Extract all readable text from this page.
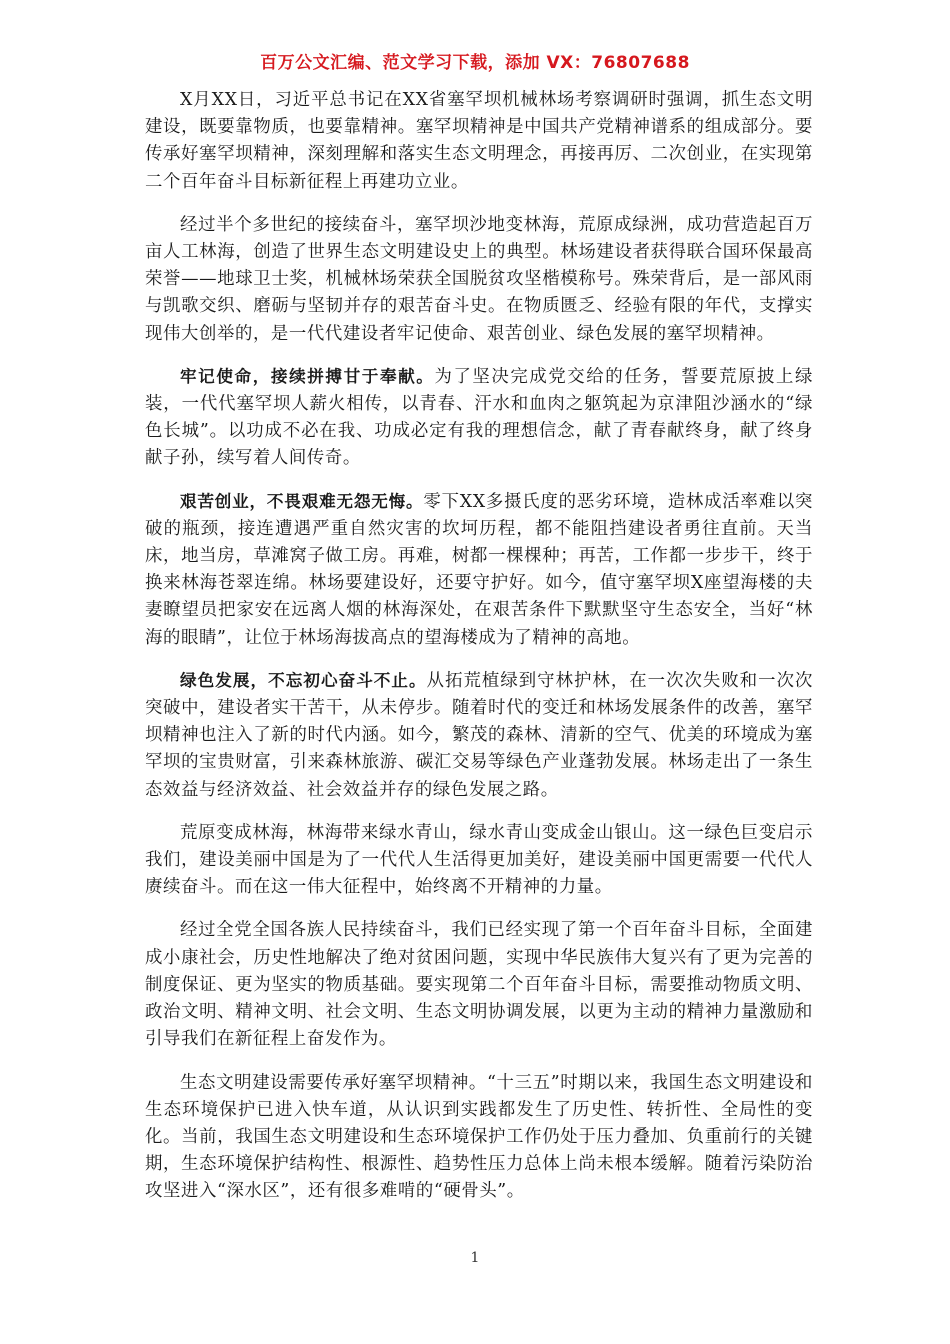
百万公文汇编、范文学习下载，添加 VX：76807688

X月XX日，习近平总书记在XX省塞罕坝机械林场考察调研时强调，抓生态文明建设，既要靠物质，也要靠精神。塞罕坝精神是中国共产党精神谱系的组成部分。要传承好塞罕坝精神，深刻理解和落实生态文明理念，再接再厉、二次创业，在实现第二个百年奋斗目标新征程上再建功立业。

经过半个多世纪的接续奋斗，塞罕坝沙地变林海，荒原成绿洲，成功营造起百万亩人工林海，创造了世界生态文明建设史上的典型。林场建设者获得联合国环保最高荣誉——地球卫士奖，机械林场荣获全国脱贫攻坚楷模称号。殊荣背后，是一部风雨与凯歌交织、磨砺与坚韧并存的艰苦奋斗史。在物质匮乏、经验有限的年代，支撑实现伟大创举的，是一代代建设者牢记使命、艰苦创业、绿色发展的塞罕坝精神。

牢记使命，接续拼搏甘于奉献。为了坚决完成党交给的任务，誓要荒原披上绿装，一代代塞罕坝人薪火相传，以青春、汗水和血肉之躯筑起为京津阻沙涵水的“绿色长城”。以功成不必在我、功成必定有我的理想信念，献了青春献终身，献了终身献子孙，续写着人间传奇。

艰苦创业，不畏艰难无怨无悔。零下XX多摄氏度的恶劣环境，造林成活率难以突破的瓶颈，接连遭遇严重自然灾害的坎坷历程，都不能阻挡建设者勇往直前。天当床，地当房，草滩窝子做工房。再难，树都一棵棵种；再苦，工作都一步步干，终于换来林海苍翠连绵。林场要建设好，还要守护好。如今，值守塞罕坝X座望海楼的夫妻瞭望员把家安在远离人烟的林海深处，在艰苦条件下默默坚守生态安全，当好“林海的眼睛”，让位于林场海拔高点的望海楼成为了精神的高地。

绿色发展，不忘初心奋斗不止。从拓荒植绿到守林护林，在一次次失败和一次次突破中，建设者实干苦干，从未停步。随着时代的变迁和林场发展条件的改善，塞罕坝精神也注入了新的时代内涵。如今，繁茂的森林、清新的空气、优美的环境成为塞罕坝的宝贵财富，引来森林旅游、碳汇交易等绿色产业蓬勃发展。林场走出了一条生态效益与经济效益、社会效益并存的绿色发展之路。

荒原变成林海，林海带来绿水青山，绿水青山变成金山银山。这一绿色巨变启示我们，建设美丽中国是为了一代代人生活得更加美好，建设美丽中国更需要一代代人赓续奋斗。而在这一伟大征程中，始终离不开精神的力量。

经过全党全国各族人民持续奋斗，我们已经实现了第一个百年奋斗目标，全面建成小康社会，历史性地解决了绝对贫困问题，实现中华民族伟大复兴有了更为完善的制度保证、更为坚实的物质基础。要实现第二个百年奋斗目标，需要推动物质文明、政治文明、精神文明、社会文明、生态文明协调发展，以更为主动的精神力量激励和引导我们在新征程上奋发作为。

生态文明建设需要传承好塞罕坝精神。“十三五”时期以来，我国生态文明建设和生态环境保护已进入快车道，从认识到实践都发生了历史性、转折性、全局性的变化。当前，我国生态文明建设和生态环境保护工作仍处于压力叠加、负重前行的关键期，生态环境保护结构性、根源性、趋势性压力总体上尚未根本缓解。随着污染防治攻坚进入“深水区”，还有很多难啃的“硬骨头”。

1
